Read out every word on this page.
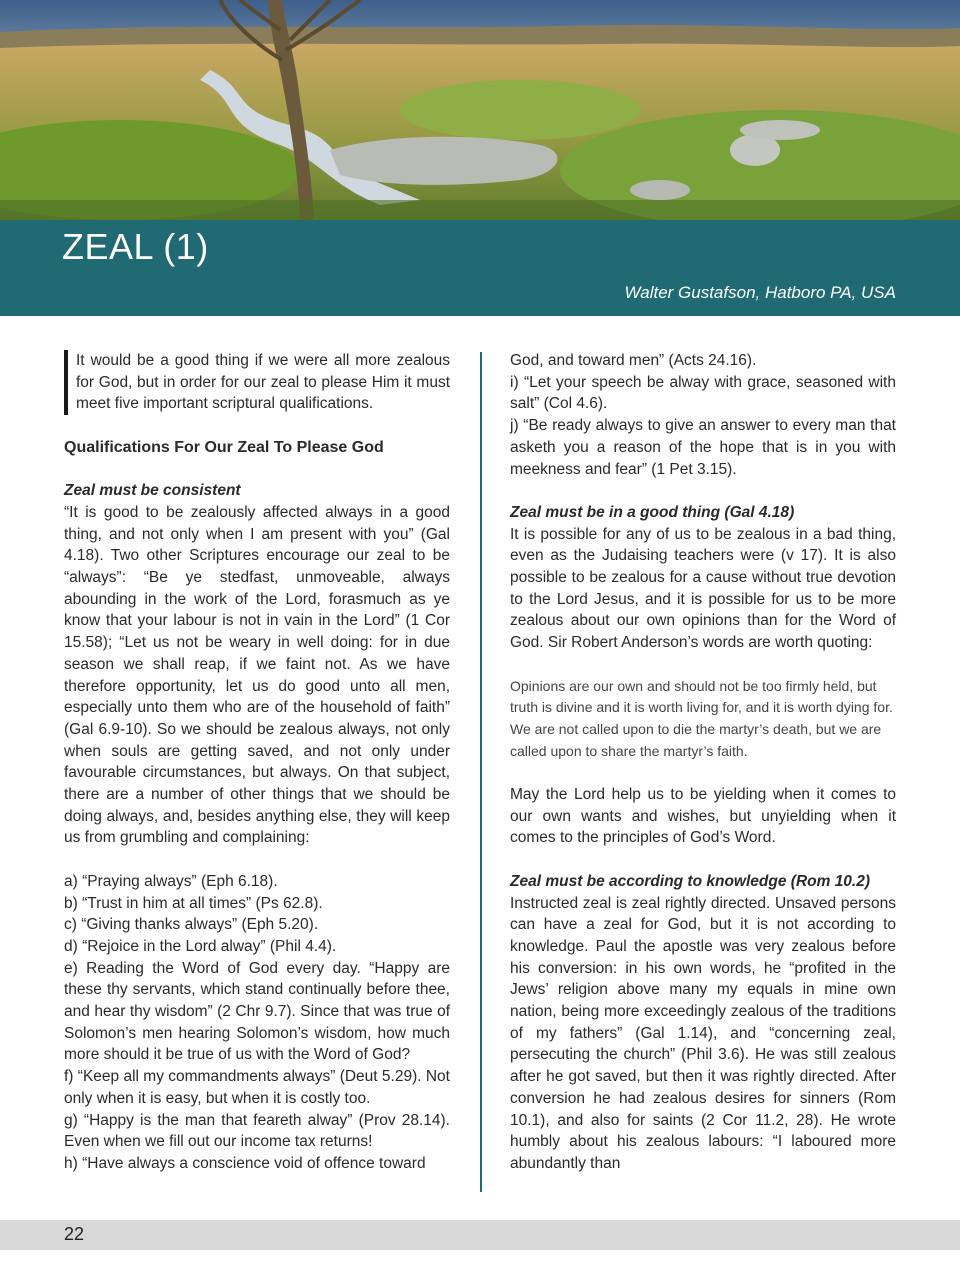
ZEAL (1)
Walter Gustafson, Hatboro PA, USA

It would be a good thing if we were all more zealous for God, but in order for our zeal to please Him it must meet five important scriptural qualifications.

Qualifications For Our Zeal To Please God

Zeal must be consistent

“It is good to be zealously affected always in a good thing, and not only when I am present with you” (Gal 4.18). Two other Scriptures encourage our zeal to be “always”: “Be ye stedfast, unmoveable, always abounding in the work of the Lord, forasmuch as ye know that your labour is not in vain in the Lord” (1 Cor 15.58); “Let us not be weary in well doing: for in due season we shall reap, if we faint not. As we have therefore opportunity, let us do good unto all men, especially unto them who are of the household of faith” (Gal 6.9-10). So we should be zealous always, not only when souls are getting saved, and not only under favourable circumstances, but always. On that subject, there are a number of other things that we should be doing always, and, besides anything else, they will keep us from grumbling and complaining:

a) “Praying always” (Eph 6.18).

b) “Trust in him at all times” (Ps 62.8).

c) “Giving thanks always” (Eph 5.20).

d) “Rejoice in the Lord alway” (Phil 4.4).

e) Reading the Word of God every day. “Happy are these thy servants, which stand continually before thee, and hear thy wisdom” (2 Chr 9.7). Since that was true of Solomon’s men hearing Solomon’s wisdom, how much more should it be true of us with the Word of God?

f) “Keep all my commandments always” (Deut 5.29). Not only when it is easy, but when it is costly too.

g) “Happy is the man that feareth alway” (Prov 28.14). Even when we fill out our income tax returns!

h) “Have always a conscience void of offence toward

God, and toward men” (Acts 24.16).

i) “Let your speech be alway with grace, seasoned with salt” (Col 4.6).

j) “Be ready always to give an answer to every man that asketh you a reason of the hope that is in you with meekness and fear” (1 Pet 3.15).

Zeal must be in a good thing (Gal 4.18)

It is possible for any of us to be zealous in a bad thing, even as the Judaising teachers were (v 17). It is also possible to be zealous for a cause without true devotion to the Lord Jesus, and it is possible for us to be more zealous about our own opinions than for the Word of God. Sir Robert Anderson’s words are worth quoting:

Opinions are our own and should not be too firmly held, but truth is divine and it is worth living for, and it is worth dying for. We are not called upon to die the martyr’s death, but we are called upon to share the martyr’s faith.

May the Lord help us to be yielding when it comes to our own wants and wishes, but unyielding when it comes to the principles of God’s Word.

Zeal must be according to knowledge (Rom 10.2)

Instructed zeal is zeal rightly directed. Unsaved persons can have a zeal for God, but it is not according to knowledge. Paul the apostle was very zealous before his conversion: in his own words, he “profited in the Jews’ religion above many my equals in mine own nation, being more exceedingly zealous of the traditions of my fathers” (Gal 1.14), and “concerning zeal, persecuting the church” (Phil 3.6). He was still zealous after he got saved, but then it was rightly directed. After conversion he had zealous desires for sinners (Rom 10.1), and also for saints (2 Cor 11.2, 28). He wrote humbly about his zealous labours: “I laboured more abundantly than

22
